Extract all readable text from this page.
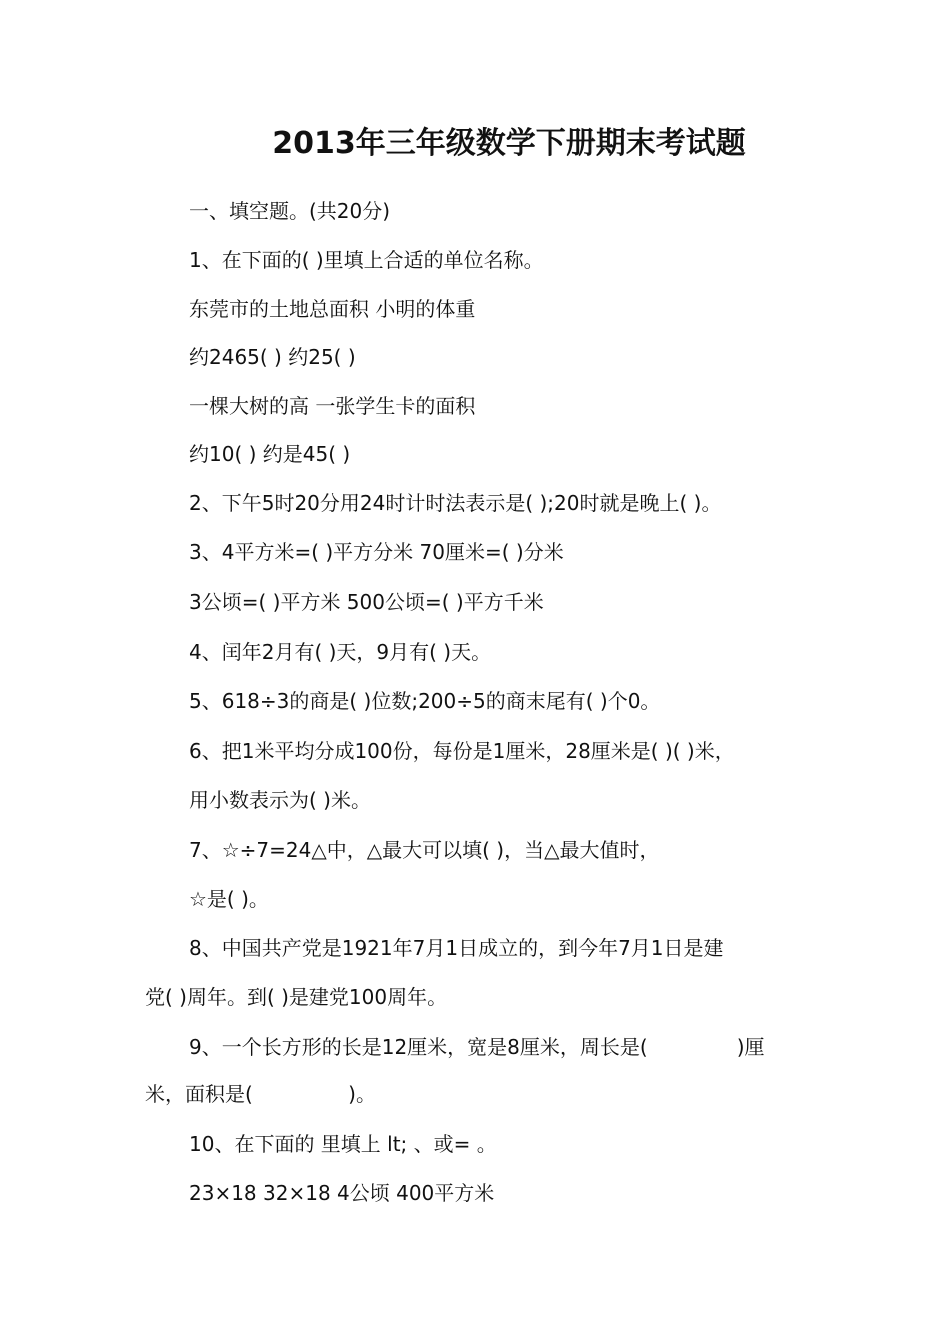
2013年三年级数学下册期末考试题
一、填空题。(共20分)
1、在下面的( )里填上合适的单位名称。
东莞市的土地总面积 小明的体重
约2465( ) 约25( )
一棵大树的高 一张学生卡的面积
约10( ) 约是45( )
2、下午5时20分用24时计时法表示是( );20时就是晚上( )。
3、4平方米=( )平方分米 70厘米=( )分米
3公顷=( )平方米 500公顷=( )平方千米
4、闰年2月有( )天，9月有( )天。
5、618÷3的商是( )位数;200÷5的商末尾有( )个0。
6、把1米平均分成100份，每份是1厘米，28厘米是( )( )米，
用小数表示为( )米。
7、☆÷7=24△中，△最大可以填( )，当△最大值时，
☆是( )。
8、中国共产党是1921年7月1日成立的，到今年7月1日是建
党( )周年。到( )是建党100周年。
9、一个长方形的长是12厘米，宽是8厘米，周长是(              )厘
米，面积是(               )。
10、在下面的 里填上 lt; 、或= 。
23×18 32×18 4公顷 400平方米
